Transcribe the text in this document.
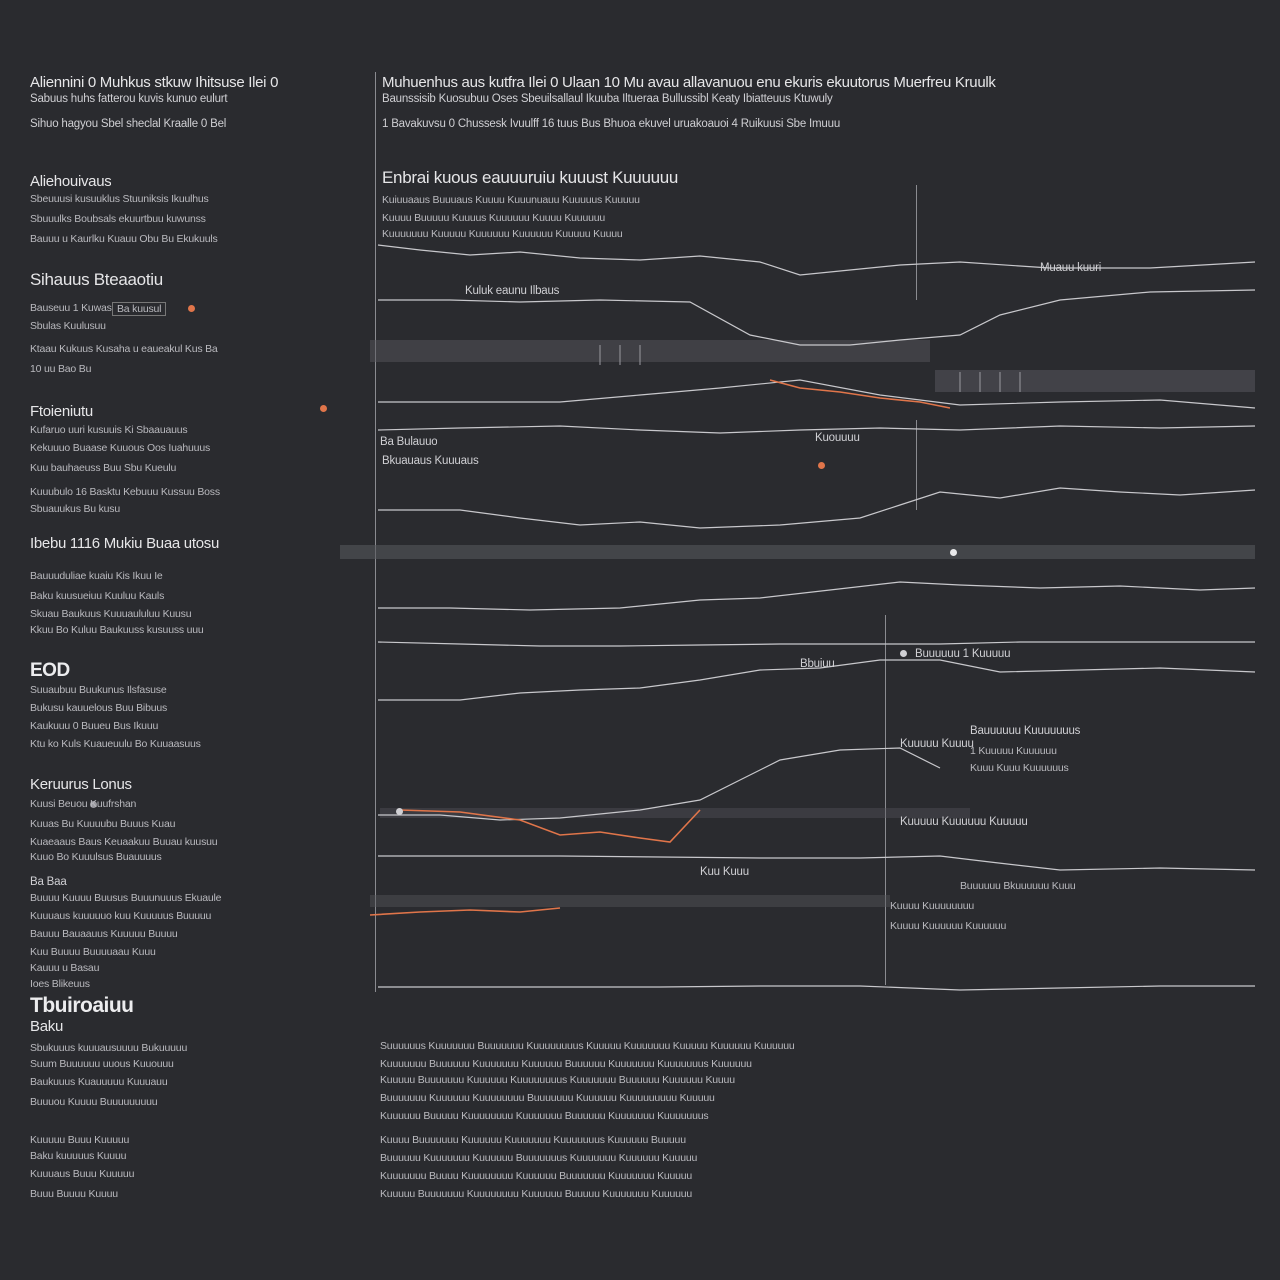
Aliennini 0 Muhkus stkuw Ihitsuse Ilei 0
Sabuus huhs fatterou kuvis kunuo eulurt
Sihuo hagyou Sbel sheclal Kraalle 0 Bel
Muhuenhus aus kutfra Ilei 0 Ulaan 10 Mu avau allavanuou enu ekuris ekuutorus Muerfreu Kruulk
Baunssisib Kuosubuu Oses Sbeuilsallaul Ikuuba Iltueraa Bullussibl Keaty Ibiatteuus Ktuwuly
1 Bavakuvsu 0 Chussesk Ivuulff 16 tuus Bus Bhuoa ekuvel uruakoauoi 4 Ruikuusi Sbe Imuuu
Aliehouivaus
Sbeuuusi kusuuklus Stuuniksis Ikuulhus
Sbuuulks Boubsals ekuurtbuu kuwunss
Bauuu u Kaurlku Kuauu Obu Bu Ekukuuls
Sihauus Bteaaotiu
Ba kuusul
Bauseuu 1 Kuwas
Sbulas Kuulusuu
Ktaau Kukuus Kusaha u eaueakul Kus Ba
10 uu Bao Bu
Ftoieniutu
Kufaruo uuri kusuuis Ki Sbaauauus
Kekuuuo Buaase Kuuous Oos Iuahuuus
Kuu bauhaeuss Buu Sbu Kueulu
Kuuubulo 16 Basktu Kebuuu Kussuu Boss
Sbuauukus Bu kusu
Ibebu 1116 Mukiu Buaa utosu
Bauuuduliae kuaiu Kis Ikuu Ie
Baku kuusueiuu Kuuluu Kauls
Skuau Baukuus Kuuuaululuu Kuusu
Kkuu Bo Kuluu Baukuuss kusuuss uuu
EOD
Suuaubuu Buukunus Ilsfasuse
Bukusu kauuelous Buu Bibuus
Kaukuuu 0 Buueu Bus Ikuuu
Ktu ko Kuls Kuaueuulu Bo Kuuaasuus
Keruurus Lonus
Kuusi Beuou Kuufrshan
Kuuas Bu Kuuuubu Buuus Kuau
Kuaeaaus Baus Keuaakuu Buuau kuusuu
Kuuo Bo Kuuulsus Buauuuus
Ba Baa
Buuuu Kuuuu Buusus Buuunuuus Ekuaule
Kuuuaus kuuuuuo kuu Kuuuuus Buuuuu
Bauuu Bauaauus Kuuuuu Buuuu
Kuu Buuuu Buuuuaau Kuuu
Kauuu u Basau
Ioes Blikeuus
Tbuiroaiuu
Baku
Sbukuuus kuuuausuuuu Bukuuuuu
Suum Buuuuuu uuous Kuuouuu
Baukuuus Kuauuuuu Kuuuauu
Buuuou Kuuuu Buuuuuuuuu
Kuuuuu Buuu Kuuuuu
Baku kuuuuus Kuuuu
Kuuuaus Buuu Kuuuuu
Buuu Buuuu Kuuuu
Enbrai kuous eauuuruiu kuuust Kuuuuuu
Kuiuuaaus Buuuaus Kuuuu Kuuunuauu Kuuuuus Kuuuuu
Kuuuu Buuuuu Kuuuus Kuuuuuu Kuuuu Kuuuuuu
Kuuuuuuu Kuuuuu Kuuuuuu Kuuuuuu Kuuuuu Kuuuu
Kuluk eaunu Ilbaus
Muauu kuuri
Ba Bulauuo
Bkuauaus Kuuuaus
Kuouuuu
Bbuiuu
Buuuuuu 1 Kuuuuu
Kuuuuu Kuuuu
Kuu Kuuu
Bauuuuuu Kuuuuuuus
1 Kuuuuu Kuuuuuu
Kuuu Kuuu Kuuuuuus
Kuuuuu Kuuuuuu Kuuuuu
Buuuuuu Bkuuuuuu Kuuu
Kuuuu Kuuuuuuuu
Kuuuu Kuuuuuu Kuuuuuu
Suuuuuus Kuuuuuuu Buuuuuuu Kuuuuuuuus Kuuuuu Kuuuuuuu Kuuuuu Kuuuuuu Kuuuuuu
Kuuuuuuu Buuuuuu Kuuuuuuu Kuuuuuu Buuuuuu Kuuuuuuu Kuuuuuuus Kuuuuuu
Kuuuuu Buuuuuuu Kuuuuuu Kuuuuuuuus Kuuuuuuu Buuuuuu Kuuuuuu Kuuuu
Buuuuuuu Kuuuuuu Kuuuuuuuu Buuuuuuu Kuuuuuu Kuuuuuuuuu Kuuuuu
Kuuuuuu Buuuuu Kuuuuuuuu Kuuuuuuu Buuuuuu Kuuuuuuu Kuuuuuuus
Kuuuu Buuuuuuu Kuuuuuu Kuuuuuuu Kuuuuuuus Kuuuuuu Buuuuu
Buuuuuu Kuuuuuuu Kuuuuuu Buuuuuuus Kuuuuuuu Kuuuuuu Kuuuuu
Kuuuuuuu Buuuu Kuuuuuuuu Kuuuuuu Buuuuuuu Kuuuuuuu Kuuuuu
Kuuuuu Buuuuuuu Kuuuuuuuu Kuuuuuu Buuuuu Kuuuuuuu Kuuuuuu
